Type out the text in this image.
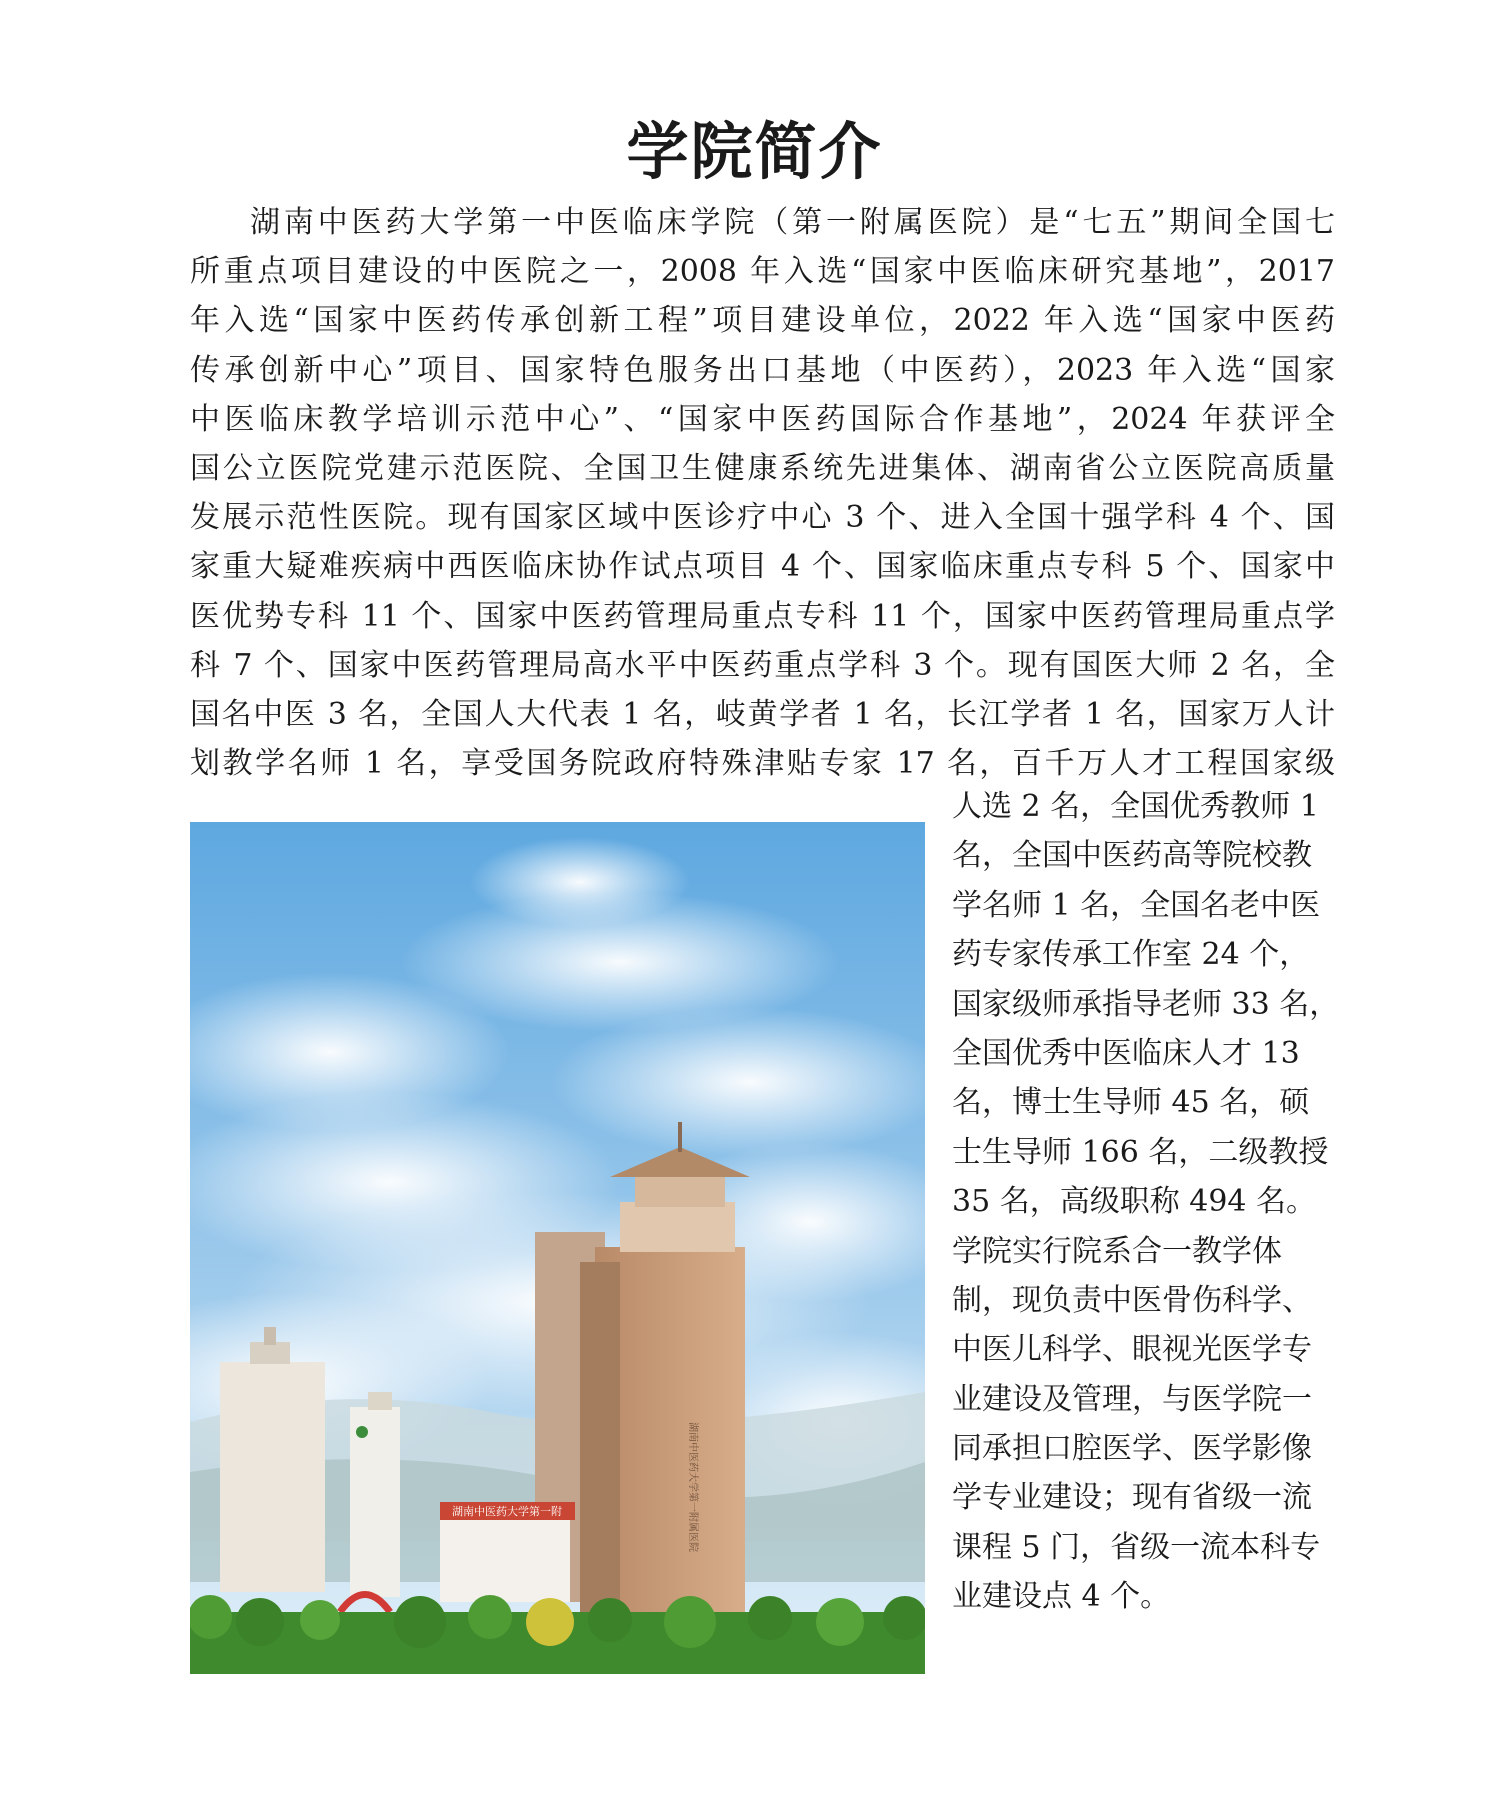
学院简介
湖南中医药大学第一中医临床学院（第一附属医院）是“七五”期间全国七
所重点项目建设的中医院之一，2008 年入选“国家中医临床研究基地”，2017
年入选“国家中医药传承创新工程”项目建设单位，2022 年入选“国家中医药
传承创新中心”项目、国家特色服务出口基地（中医药），2023 年入选“国家
中医临床教学培训示范中心”、“国家中医药国际合作基地”，2024 年获评全
国公立医院党建示范医院、全国卫生健康系统先进集体、湖南省公立医院高质量
发展示范性医院。现有国家区域中医诊疗中心 3 个、进入全国十强学科 4 个、国
家重大疑难疾病中西医临床协作试点项目 4 个、国家临床重点专科 5 个、国家中
医优势专科 11 个、国家中医药管理局重点专科 11 个，国家中医药管理局重点学
科 7 个、国家中医药管理局高水平中医药重点学科 3 个。现有国医大师 2 名，全
国名中医 3 名，全国人大代表 1 名，岐黄学者 1 名，长江学者 1 名，国家万人计
划教学名师 1 名，享受国务院政府特殊津贴专家 17 名，百千万人才工程国家级
人选 2 名，全国优秀教师 1
名，全国中医药高等院校教
学名师 1 名，全国名老中医
药专家传承工作室 24 个，
国家级师承指导老师 33 名，
全国优秀中医临床人才 13
名，博士生导师 45 名，硕
士生导师 166 名，二级教授
35 名，高级职称 494 名。
学院实行院系合一教学体
制，现负责中医骨伤科学、
中医儿科学、眼视光医学专
业建设及管理，与医学院一
同承担口腔医学、医学影像
学专业建设；现有省级一流
课程 5 门，省级一流本科专
业建设点 4 个。
湖南中医药大学第一附属医院
湖南中医药大学第一附
